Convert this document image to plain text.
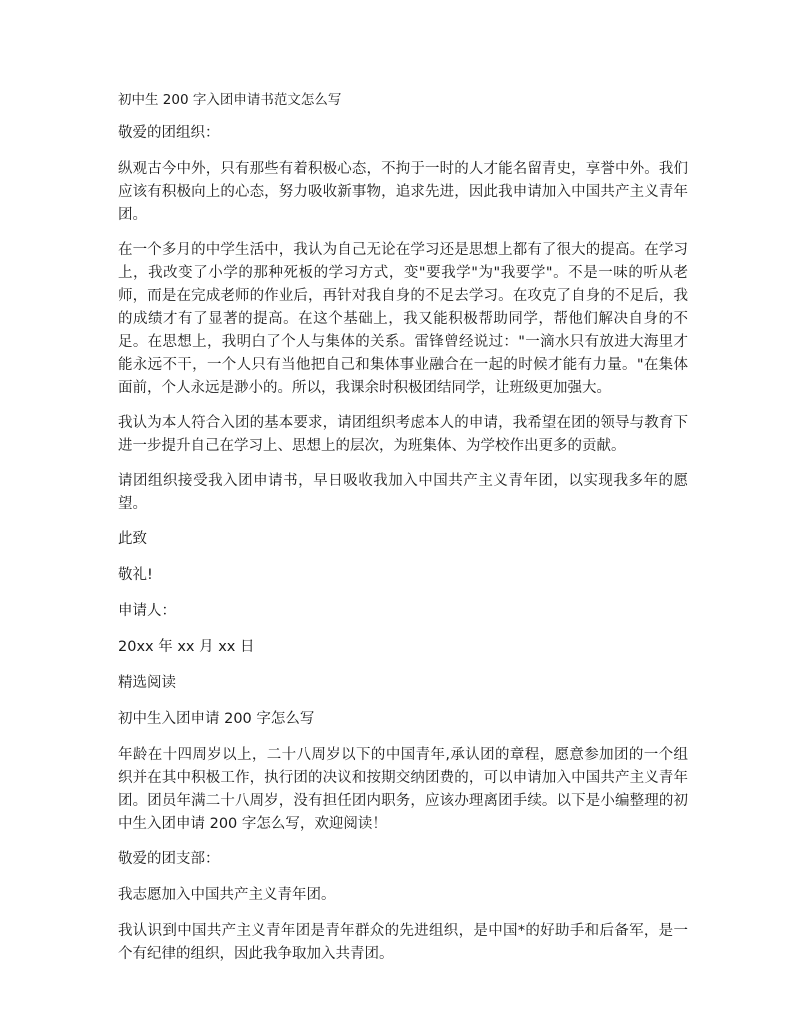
初中生 200 字入团申请书范文怎么写
敬爱的团组织：
纵观古今中外，只有那些有着积极心态，不拘于一时的人才能名留青史，享誉中外。我们应该有积极向上的心态，努力吸收新事物，追求先进，因此我申请加入中国共产主义青年团。
在一个多月的中学生活中，我认为自己无论在学习还是思想上都有了很大的提高。在学习上，我改变了小学的那种死板的学习方式，变"要我学"为"我要学"。不是一味的听从老师，而是在完成老师的作业后，再针对我自身的不足去学习。在攻克了自身的不足后，我的成绩才有了显著的提高。在这个基础上，我又能积极帮助同学，帮他们解决自身的不足。在思想上，我明白了个人与集体的关系。雷锋曾经说过："一滴水只有放进大海里才能永远不干，一个人只有当他把自己和集体事业融合在一起的时候才能有力量。"在集体面前，个人永远是渺小的。所以，我课余时积极团结同学，让班级更加强大。
我认为本人符合入团的基本要求，请团组织考虑本人的申请，我希望在团的领导与教育下进一步提升自己在学习上、思想上的层次，为班集体、为学校作出更多的贡献。
请团组织接受我入团申请书，早日吸收我加入中国共产主义青年团，以实现我多年的愿望。
此致
敬礼!
申请人：
20xx 年 xx 月 xx 日
精选阅读
初中生入团申请 200 字怎么写
年龄在十四周岁以上，二十八周岁以下的中国青年,承认团的章程，愿意参加团的一个组织并在其中积极工作，执行团的决议和按期交纳团费的，可以申请加入中国共产主义青年团。团员年满二十八周岁，没有担任团内职务，应该办理离团手续。以下是小编整理的初中生入团申请 200 字怎么写，欢迎阅读！
敬爱的团支部：
我志愿加入中国共产主义青年团。
我认识到中国共产主义青年团是青年群众的先进组织，是中国*的好助手和后备军，是一个有纪律的组织，因此我争取加入共青团。
